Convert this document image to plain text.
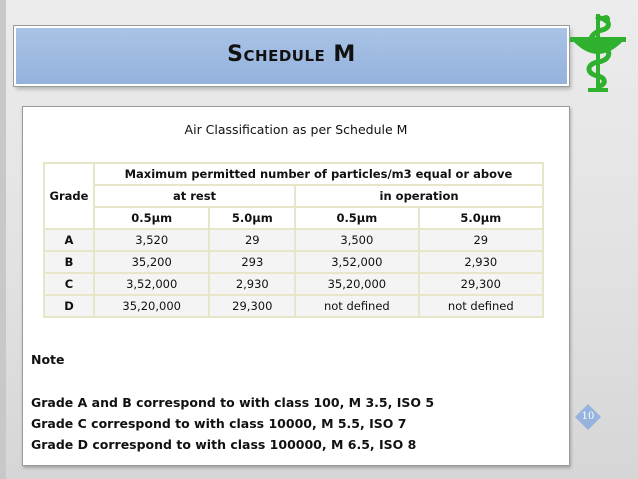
Schedule M
Air Classification as per Schedule M
Grade	Maximum permitted number of particles/m3 equal or above			
	at rest		in operation	
	0.5μm	5.0μm	0.5μm	5.0μm
A	3,520	29	3,500	29
B	35,200	293	3,52,000	2,930
C	3,52,000	2,930	35,20,000	29,300
D	35,20,000	29,300	not defined	not defined
Note
Grade A and B correspond to with class 100, M 3.5, ISO 5
Grade C correspond to with class 10000, M 5.5, ISO 7
Grade D correspond to with class 100000, M 6.5, ISO 8
10
